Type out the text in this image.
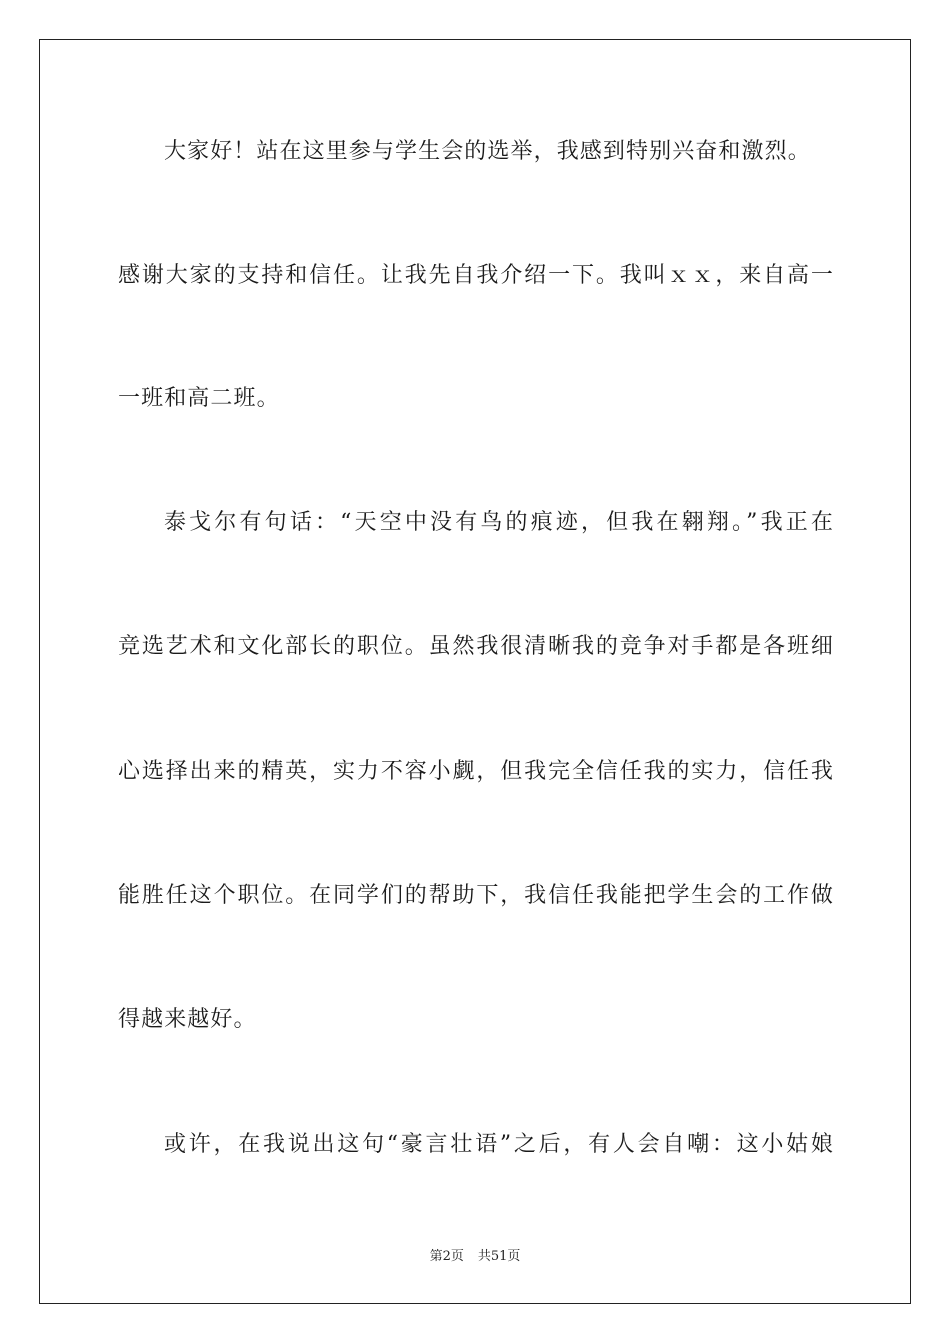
大家好！站在这里参与学生会的选举，我感到特别兴奋和激烈。
感谢大家的支持和信任。让我先自我介绍一下。我叫ｘｘ，来自高一
一班和高二班。
泰戈尔有句话：“天空中没有鸟的痕迹，但我在翱翔。”我正在
竞选艺术和文化部长的职位。虽然我很清晰我的竞争对手都是各班细
心选择出来的精英，实力不容小觑，但我完全信任我的实力，信任我
能胜任这个职位。在同学们的帮助下，我信任我能把学生会的工作做
得越来越好。
或许，在我说出这句“豪言壮语”之后，有人会自嘲：这小姑娘
第2页 共51页
